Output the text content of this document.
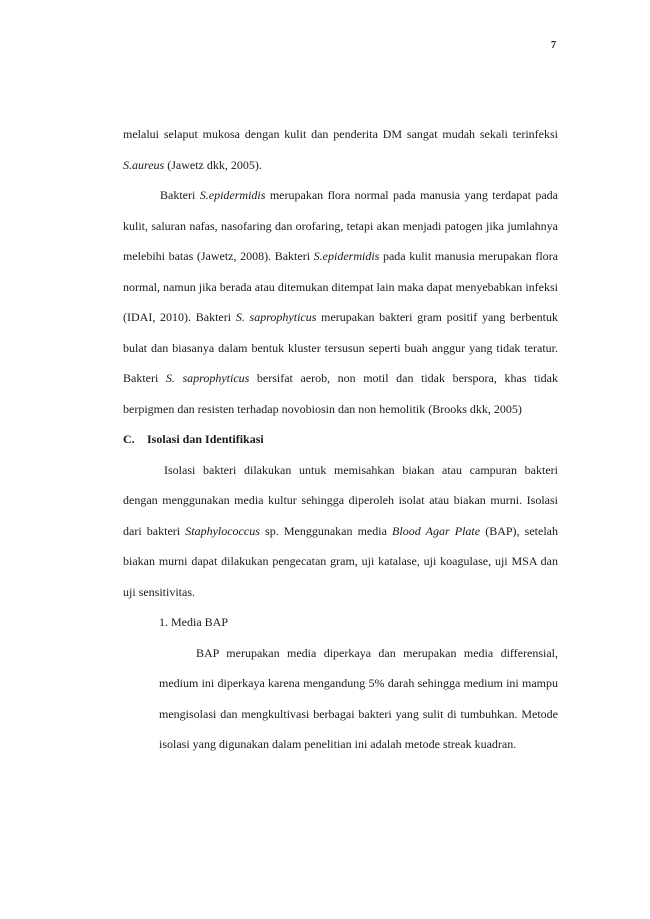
7

melalui selaput mukosa dengan kulit dan penderita DM sangat mudah sekali terinfeksi S.aureus (Jawetz dkk, 2005).

Bakteri S.epidermidis merupakan flora normal pada manusia yang terdapat pada kulit, saluran nafas, nasofaring dan orofaring, tetapi akan menjadi patogen jika jumlahnya melebihi batas (Jawetz, 2008). Bakteri S.epidermidis pada kulit manusia merupakan flora normal, namun jika berada atau ditemukan ditempat lain maka dapat menyebabkan infeksi (IDAI, 2010). Bakteri S. saprophyticus merupakan bakteri gram positif yang berbentuk bulat dan biasanya dalam bentuk kluster tersusun seperti buah anggur yang tidak teratur. Bakteri S. saprophyticus bersifat aerob, non motil dan tidak berspora, khas tidak berpigmen dan resisten terhadap novobiosin dan non hemolitik (Brooks dkk, 2005)

C. Isolasi dan Identifikasi

Isolasi bakteri dilakukan untuk memisahkan biakan atau campuran bakteri dengan menggunakan media kultur sehingga diperoleh isolat atau biakan murni. Isolasi dari bakteri Staphylococcus sp. Menggunakan media Blood Agar Plate (BAP), setelah biakan murni dapat dilakukan pengecatan gram, uji katalase, uji koagulase, uji MSA dan uji sensitivitas.

1. Media BAP

BAP merupakan media diperkaya dan merupakan media differensial, medium ini diperkaya karena mengandung 5% darah sehingga medium ini mampu mengisolasi dan mengkultivasi berbagai bakteri yang sulit di tumbuhkan. Metode isolasi yang digunakan dalam penelitian ini adalah metode streak kuadran.
